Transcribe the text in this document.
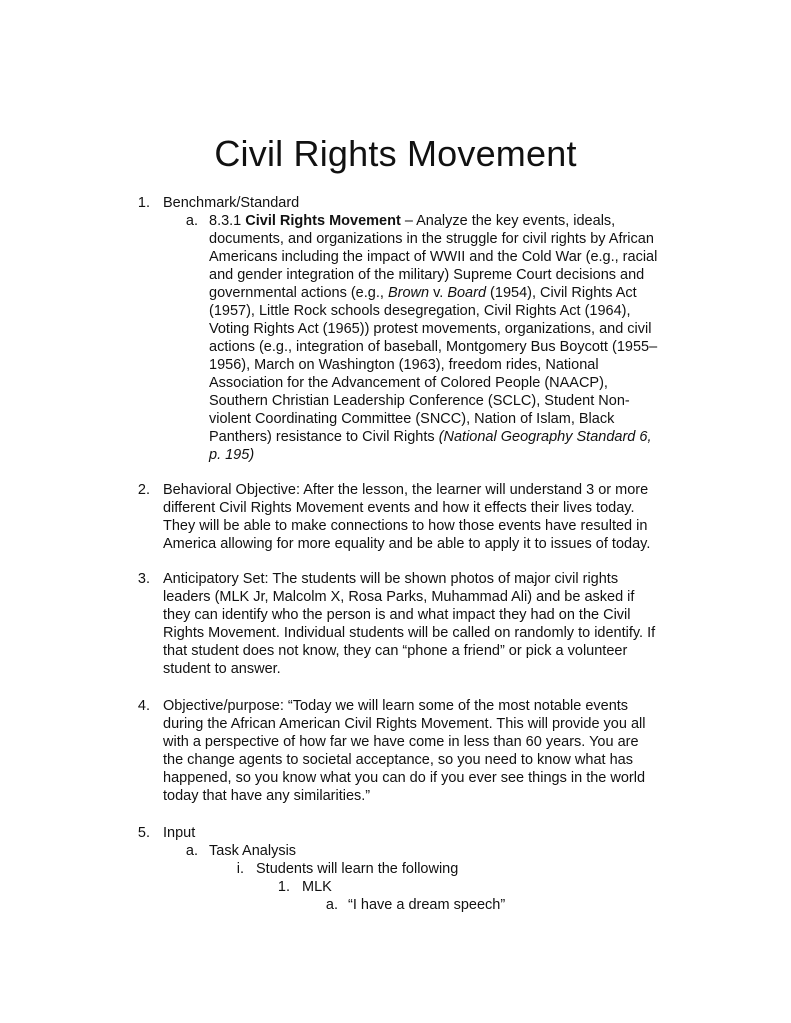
Civil Rights Movement
1. Benchmark/Standard
a. 8.3.1 Civil Rights Movement – Analyze the key events, ideals,
documents, and organizations in the struggle for civil rights by African
Americans including the impact of WWII and the Cold War (e.g., racial
and gender integration of the military) Supreme Court decisions and
governmental actions (e.g., Brown v. Board (1954), Civil Rights Act
(1957), Little Rock schools desegregation, Civil Rights Act (1964),
Voting Rights Act (1965)) protest movements, organizations, and civil
actions (e.g., integration of baseball, Montgomery Bus Boycott (1955–
1956), March on Washington (1963), freedom rides, National
Association for the Advancement of Colored People (NAACP),
Southern Christian Leadership Conference (SCLC), Student Non-
violent Coordinating Committee (SNCC), Nation of Islam, Black
Panthers) resistance to Civil Rights (National Geography Standard 6,
p. 195)
2. Behavioral Objective: After the lesson, the learner will understand 3 or more
different Civil Rights Movement events and how it effects their lives today.
They will be able to make connections to how those events have resulted in
America allowing for more equality and be able to apply it to issues of today.
3. Anticipatory Set: The students will be shown photos of major civil rights
leaders (MLK Jr, Malcolm X, Rosa Parks, Muhammad Ali) and be asked if
they can identify who the person is and what impact they had on the Civil
Rights Movement. Individual students will be called on randomly to identify. If
that student does not know, they can “phone a friend” or pick a volunteer
student to answer.
4. Objective/purpose: “Today we will learn some of the most notable events
during the African American Civil Rights Movement. This will provide you all
with a perspective of how far we have come in less than 60 years. You are
the change agents to societal acceptance, so you need to know what has
happened, so you know what you can do if you ever see things in the world
today that have any similarities.”
5. Input
a. Task Analysis
i. Students will learn the following
1. MLK
a. “I have a dream speech”
